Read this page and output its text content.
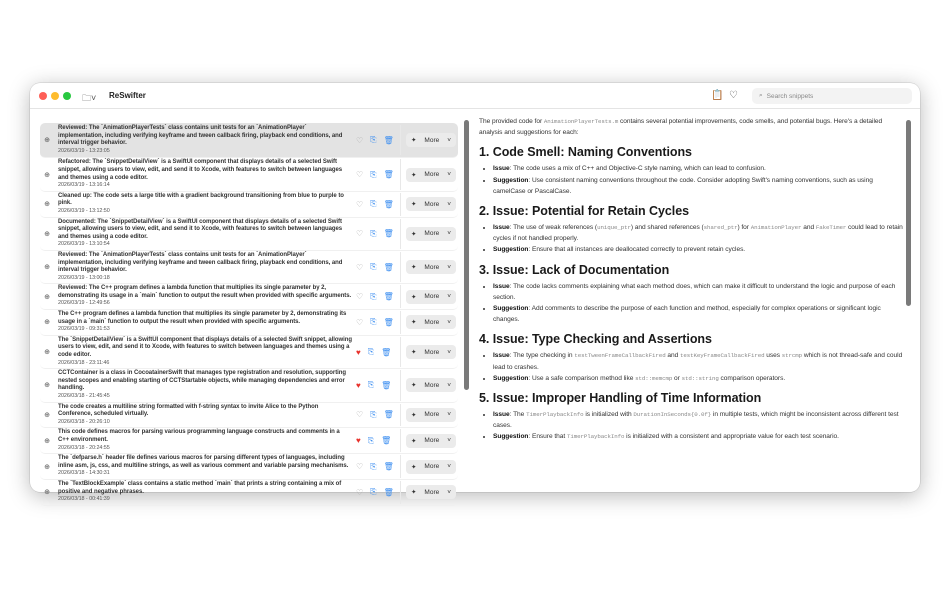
🗀˅ ReSwifter	📋 ♡	⌕ Search snippets
⊕
Reviewed: The `AnimationPlayerTests` class contains unit tests for an `AnimationPlayer` implementation, including verifying keyframe and tween callback firing, playback end conditions, and interval trigger behavior.
2026/03/19 - 13:23:05
♡ ⎘ 🗑	✦ More ˅
⊕
Refactored: The `SnippetDetailView` is a SwiftUI component that displays details of a selected Swift snippet, allowing users to view, edit, and send it to Xcode, with features to switch between languages and themes using a code editor.
2026/03/19 - 13:16:14
♡ ⎘ 🗑	✦ More ˅
⊕
Cleaned up: The code sets a large title with a gradient background transitioning from blue to purple to pink.
2026/03/19 - 13:12:50
♡ ⎘ 🗑	✦ More ˅
⊕
Documented: The `SnippetDetailView` is a SwiftUI component that displays details of a selected Swift snippet, allowing users to view, edit, and send it to Xcode, with features to switch between languages and themes using a code editor.
2026/03/19 - 13:10:54
♡ ⎘ 🗑	✦ More ˅
⊕
Reviewed: The `AnimationPlayerTests` class contains unit tests for an `AnimationPlayer` implementation, including verifying keyframe and tween callback firing, playback end conditions, and interval trigger behavior.
2026/03/19 - 13:00:18
♡ ⎘ 🗑	✦ More ˅
⊕
Reviewed: The C++ program defines a lambda function that multiplies its single parameter by 2, demonstrating its usage in a `main` function to output the result when provided with specific arguments.
2026/03/19 - 12:49:56
♡ ⎘ 🗑	✦ More ˅
⊕
The C++ program defines a lambda function that multiplies its single parameter by 2, demonstrating its usage in a `main` function to output the result when provided with specific arguments.
2026/03/19 - 09:31:53
♡ ⎘ 🗑	✦ More ˅
⊕
The `SnippetDetailView` is a SwiftUI component that displays details of a selected Swift snippet, allowing users to view, edit, and send it to Xcode, with features to switch between languages and themes using a code editor.
2026/03/18 - 23:11:46
♥ ⎘ 🗑	✦ More ˅
⊕
CCTContainer is a class in CocoatainerSwift that manages type registration and resolution, supporting nested scopes and enabling starting of CCTStartable objects, while managing dependencies and error handling.
2026/03/18 - 21:45:45
♥ ⎘ 🗑	✦ More ˅
⊕
The code creates a multiline string formatted with f-string syntax to invite Alice to the Python Conference, scheduled virtually.
2026/03/18 - 20:26:10
♡ ⎘ 🗑	✦ More ˅
⊕
This code defines macros for parsing various programming language constructs and comments in a C++ environment.
2026/03/18 - 20:24:55
♥ ⎘ 🗑	✦ More ˅
⊕
The `defparse.h` header file defines various macros for parsing different types of languages, including inline asm, js, css, and multiline strings, as well as various comment and variable parsing mechanisms.
2026/03/18 - 14:30:31
♡ ⎘ 🗑	✦ More ˅
⊕
The `TextBlockExample` class contains a static method `main` that prints a string containing a mix of positive and negative phrases.
2026/03/18 - 00:41:39
♡ ⎘ 🗑	✦ More ˅

The provided code for AnimationPlayerTests.m contains several potential improvements, code smells, and potential bugs. Here's a detailed analysis and suggestions for each:

1. Code Smell: Naming Conventions
• Issue: The code uses a mix of C++ and Objective-C style naming, which can lead to confusion.
• Suggestion: Use consistent naming conventions throughout the code. Consider adopting Swift's naming conventions, such as using camelCase or PascalCase.
2. Issue: Potential for Retain Cycles
• Issue: The use of weak references (unique_ptr) and shared references (shared_ptr) for AnimationPlayer and FakeTimer could lead to retain cycles if not handled properly.
• Suggestion: Ensure that all instances are deallocated correctly to prevent retain cycles.
3. Issue: Lack of Documentation
• Issue: The code lacks comments explaining what each method does, which can make it difficult to understand the logic and purpose of each section.
• Suggestion: Add comments to describe the purpose of each function and method, especially for complex operations or significant logic changes.
4. Issue: Type Checking and Assertions
• Issue: The type checking in testTweenFrameCallbackFired and testKeyFrameCallbackFired uses strcmp which is not thread-safe and could lead to crashes.
• Suggestion: Use a safe comparison method like std::memcmp or std::string comparison operators.
5. Issue: Improper Handling of Time Information
• Issue: The TimerPlaybackInfo is initialized with DurationInSeconds{0.0f} in multiple tests, which might be inconsistent across different test cases.
• Suggestion: Ensure that TimerPlaybackInfo is initialized with a consistent and appropriate value for each test scenario.
